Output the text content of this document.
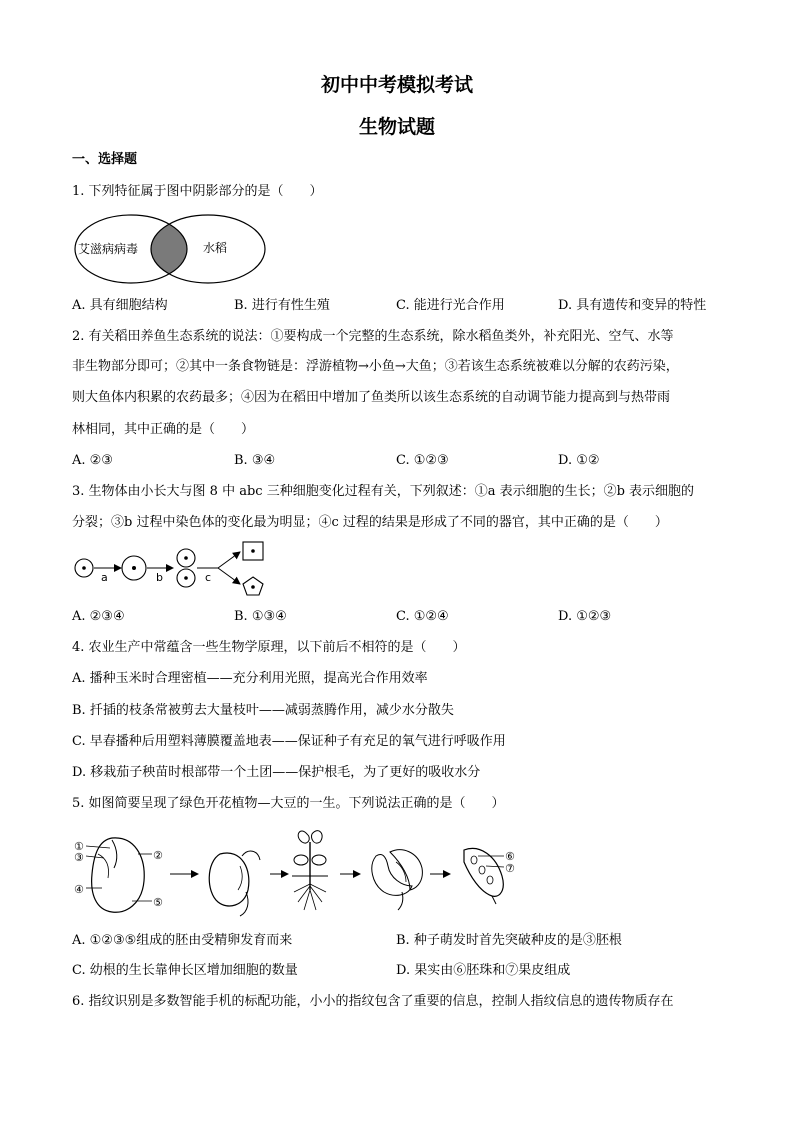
初中中考模拟考试
生物试题
一、选择题
1. 下列特征属于图中阴影部分的是（　　）
艾滋病病毒	水稻
A. 具有细胞结构	B. 进行有性生殖	C. 能进行光合作用	D. 具有遗传和变异的特性
2. 有关稻田养鱼生态系统的说法：①要构成一个完整的生态系统，除水稻鱼类外，补充阳光、空气、水等
非生物部分即可；②其中一条食物链是：浮游植物→小鱼→大鱼；③若该生态系统被难以分解的农药污染，
则大鱼体内积累的农药最多；④因为在稻田中增加了鱼类所以该生态系统的自动调节能力提高到与热带雨
林相同，其中正确的是（　　）
A. ②③	B. ③④	C. ①②③	D. ①②
3. 生物体由小长大与图 8 中 abc 三种细胞变化过程有关，下列叙述：①a 表示细胞的生长；②b 表示细胞的
分裂；③b 过程中染色体的变化最为明显；④c 过程的结果是形成了不同的器官，其中正确的是（　　）
a	b	c
A. ②③④	B. ①③④	C. ①②④	D. ①②③
4. 农业生产中常蕴含一些生物学原理，以下前后不相符的是（　　）
A. 播种玉米时合理密植——充分利用光照，提高光合作用效率
B. 扦插的枝条常被剪去大量枝叶——减弱蒸腾作用，减少水分散失
C. 早春播种后用塑料薄膜覆盖地表——保证种子有充足的氧气进行呼吸作用
D. 移栽茄子秧苗时根部带一个土团——保护根毛，为了更好的吸收水分
5. 如图简要呈现了绿色开花植物—大豆的一生。下列说法正确的是（　　）
①
③	②
④
⑤
⑥
⑦
A. ①②③⑤组成的胚由受精卵发育而来	B. 种子萌发时首先突破种皮的是③胚根
C. 幼根的生长靠伸长区增加细胞的数量	D. 果实由⑥胚珠和⑦果皮组成
6. 指纹识别是多数智能手机的标配功能，小小的指纹包含了重要的信息，控制人指纹信息的遗传物质存在
